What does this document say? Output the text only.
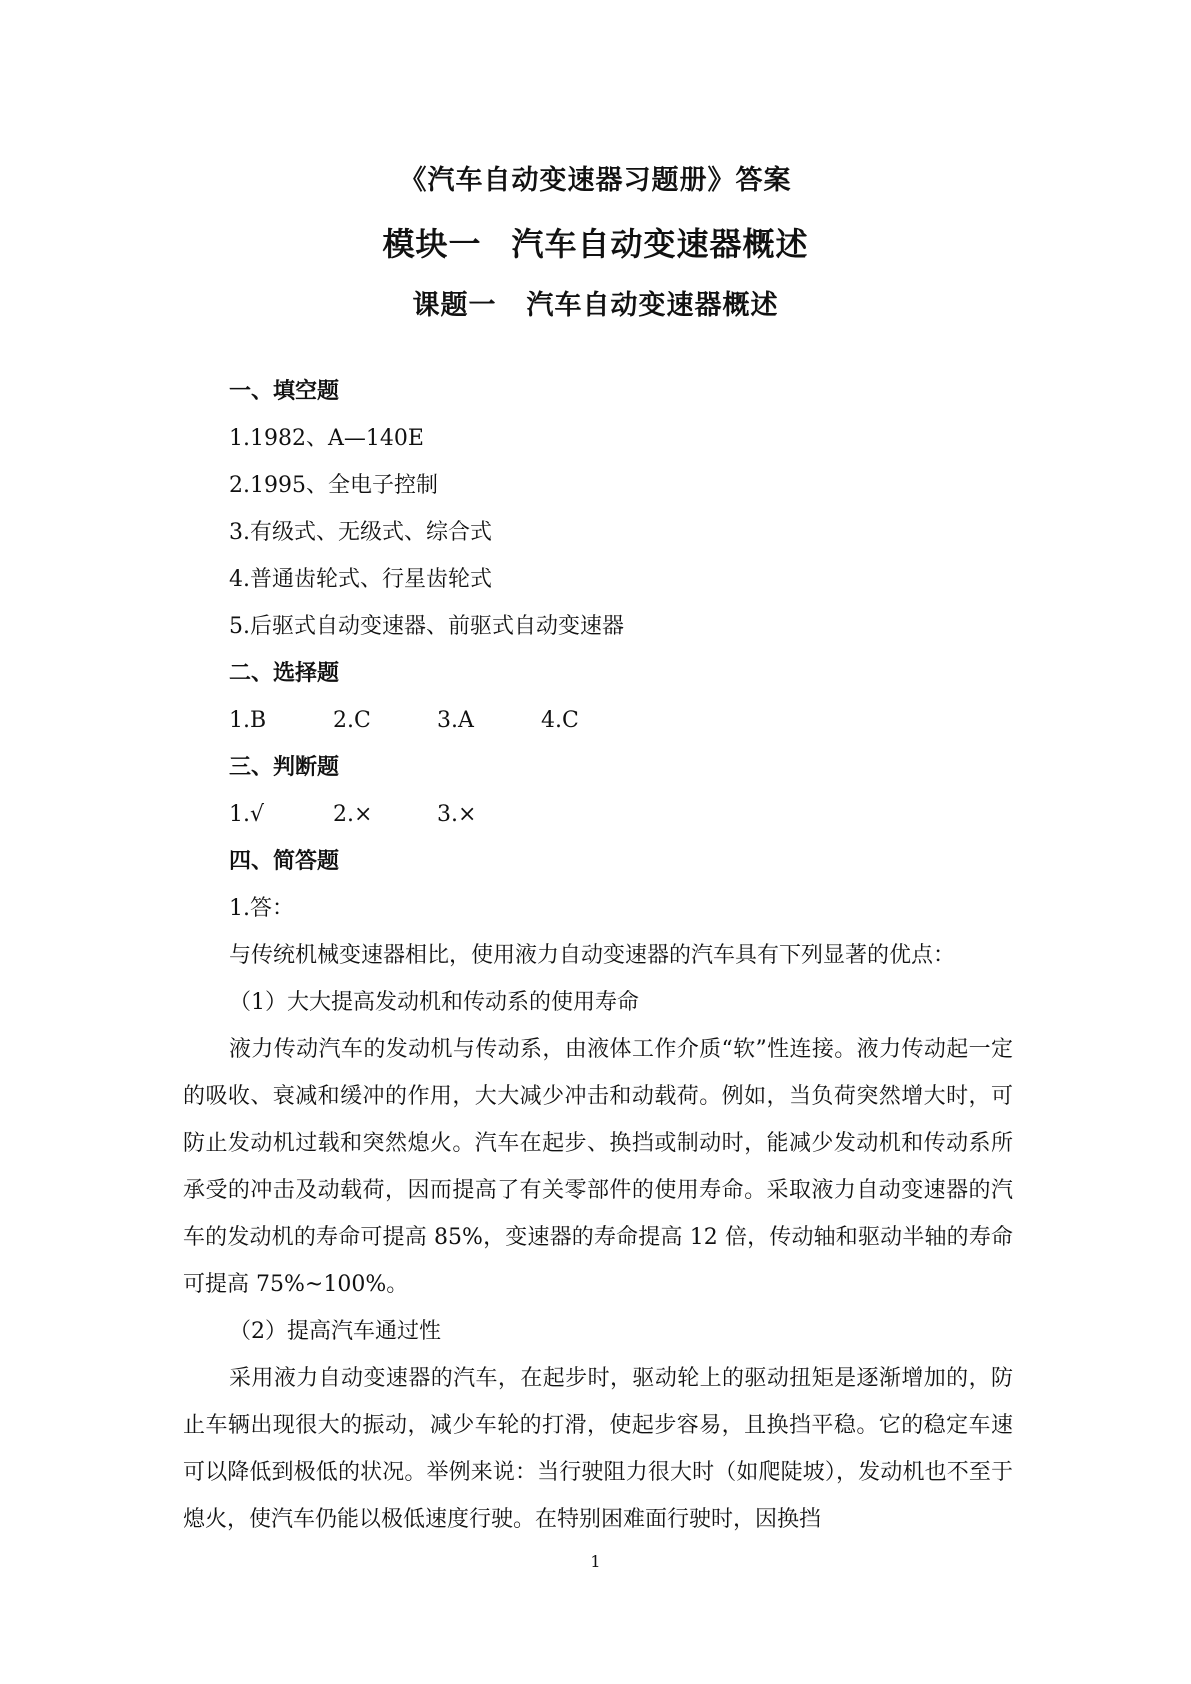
《汽车自动变速器习题册》答案
模块一 汽车自动变速器概述
课题一 汽车自动变速器概述
一、填空题
1.1982、A—140E
2.1995、全电子控制
3.有级式、无级式、综合式
4.普通齿轮式、行星齿轮式
5.后驱式自动变速器、前驱式自动变速器
二、选择题
1.B	2.C	3.A	4.C
三、判断题
1.√	2.×	3.×
四、简答题
1.答：
与传统机械变速器相比，使用液力自动变速器的汽车具有下列显著的优点：
（1）大大提高发动机和传动系的使用寿命
液力传动汽车的发动机与传动系，由液体工作介质“软”性连接。液力传动起一定的吸收、衰减和缓冲的作用，大大减少冲击和动载荷。例如，当负荷突然增大时，可防止发动机过载和突然熄火。汽车在起步、换挡或制动时，能减少发动机和传动系所承受的冲击及动载荷，因而提高了有关零部件的使用寿命。采取液力自动变速器的汽车的发动机的寿命可提高 85%，变速器的寿命提高 12 倍，传动轴和驱动半轴的寿命可提高 75%~100%。
（2）提高汽车通过性
采用液力自动变速器的汽车，在起步时，驱动轮上的驱动扭矩是逐渐增加的，防止车辆出现很大的振动，减少车轮的打滑，使起步容易，且换挡平稳。它的稳定车速可以降低到极低的状况。举例来说：当行驶阻力很大时（如爬陡坡），发动机也不至于熄火，使汽车仍能以极低速度行驶。在特别困难面行驶时，因换挡
1
